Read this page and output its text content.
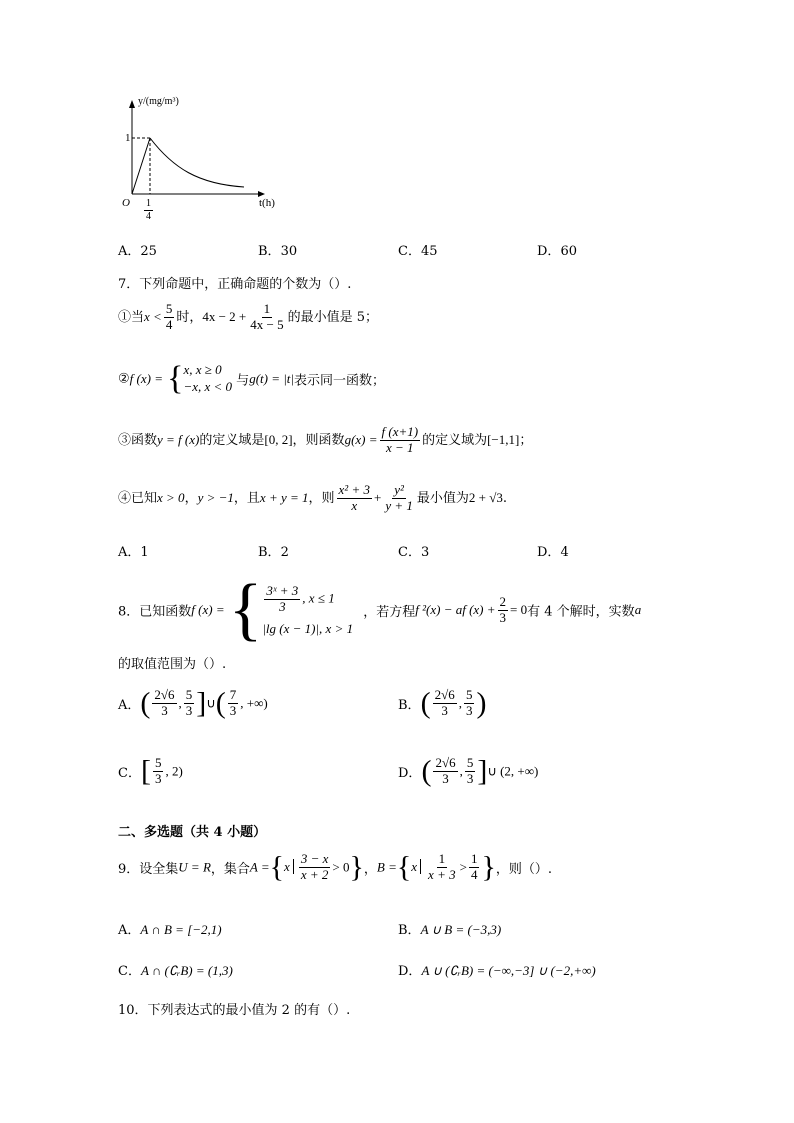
y/(mg/m³)
1
O	t(h)
$\frac{1}{4}$
A．25	B．30	C．45	D．60
7．下列命题中，正确命题的个数为（）.
①当$x < \frac{5}{4}$ 时，$4x - 2 + \frac{1}{4x - 5}$ 的最小值是 5；
②f (x) = { x, x ≥ 0
−x, x < 0 与g(t) = |t|表示同一函数；
③函数y = f (x)的定义域是[0, 2]，则函数$g(x) = \frac{f (x+1)}{x - 1}$ 的定义域为[−1,1]；
④已知x > 0，y > −1，且x + y = 1，则 $\frac{\text{x² + 3}}{x} + \frac{\text{y²}}{y + 1}$ 最小值为2 + √3.
A．1	B．2	C．3	D．4
8．已知函数f (x) = { $\frac{\text{3ˣ + 3}}{3}$ , x ≤ 1
|lg (x − 1)|, x > 1
，若方程f ²(x) − af $(x) + \frac{2}{3} = 0$有 4 个解时，实数a
的取值范围为（）.
A．( $\frac{2√6}{3}$ , $\frac{5}{3}$ ]∪( $\frac{7}{3}$ , +∞)	B．( $\frac{2√6}{3}$ , $\frac{5}{3}$ )
C．[ $\frac{5}{3}$ , 2)	D．( $\frac{2√6}{3}$ , $\frac{5}{3}$ ]∪ (2, +∞)
二、多选题（共 4 小题）
9．设全集U = R，集合$A =\{x \frac{3 - x}{x + 2} > 0\}$，$B =\{x \frac{1}{x + 3} > \frac{1}{4}$ }，则（）.
A．A ∩ B = [−2,1)	B．A ∪ B = (−3,3)
C．A ∩ (∁ᵣB) = (1,3)	D．A ∪ (∁ᵣB) = (−∞,−3] ∪ (−2,+∞)
10．下列表达式的最小值为 2 的有（）.
